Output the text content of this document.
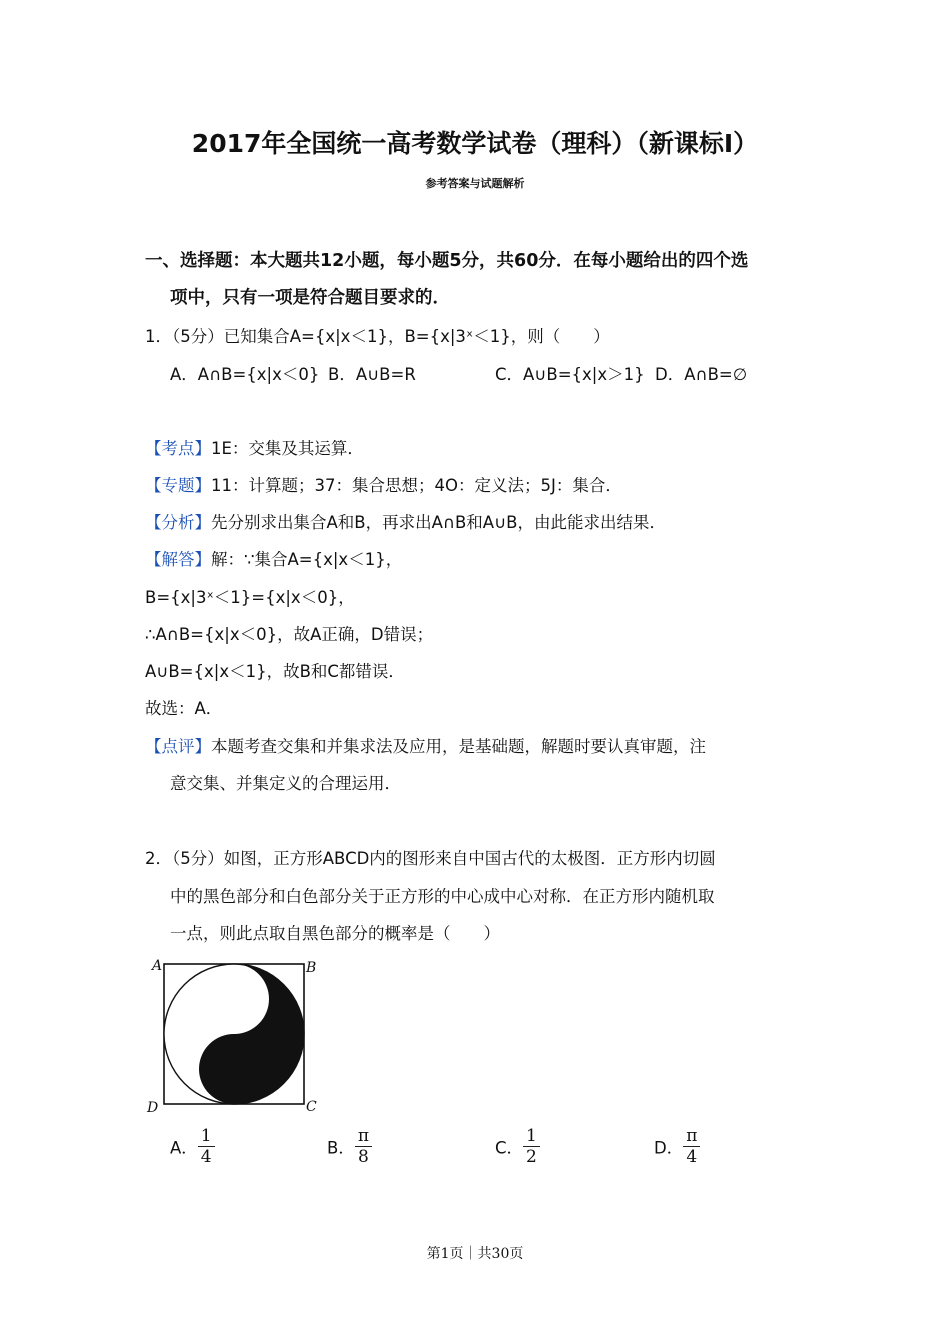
2017年全国统一高考数学试卷（理科）（新课标Ⅰ）
参考答案与试题解析
一、选择题：本大题共12小题，每小题5分，共60分．在每小题给出的四个选
项中，只有一项是符合题目要求的．
1．（5分）已知集合A={x|x＜1}，B={x|3ˣ＜1}，则（　　）
A．A∩B={x|x＜0} B．A∪B=R	C．A∪B={x|x＞1} D．A∩B=∅
【考点】1E：交集及其运算．
【专题】11：计算题；37：集合思想；4O：定义法；5J：集合．
【分析】先分别求出集合A和B，再求出A∩B和A∪B，由此能求出结果．
【解答】解：∵集合A={x|x＜1}，
B={x|3ˣ＜1}={x|x＜0}，
∴A∩B={x|x＜0}，故A正确，D错误；
A∪B={x|x＜1}，故B和C都错误．
故选：A．
【点评】本题考查交集和并集求法及应用，是基础题，解题时要认真审题，注
意交集、并集定义的合理运用．
2．（5分）如图，正方形ABCD内的图形来自中国古代的太极图．正方形内切圆
中的黑色部分和白色部分关于正方形的中心成中心对称．在正方形内随机取
一点，则此点取自黑色部分的概率是（　　）
A	B
C
D
A． $\frac{1}{4}$	B． $\frac{\pi}{8}$	C． $\frac{1}{2}$	D． $\frac{\pi}{4}$
第1页｜共30页
